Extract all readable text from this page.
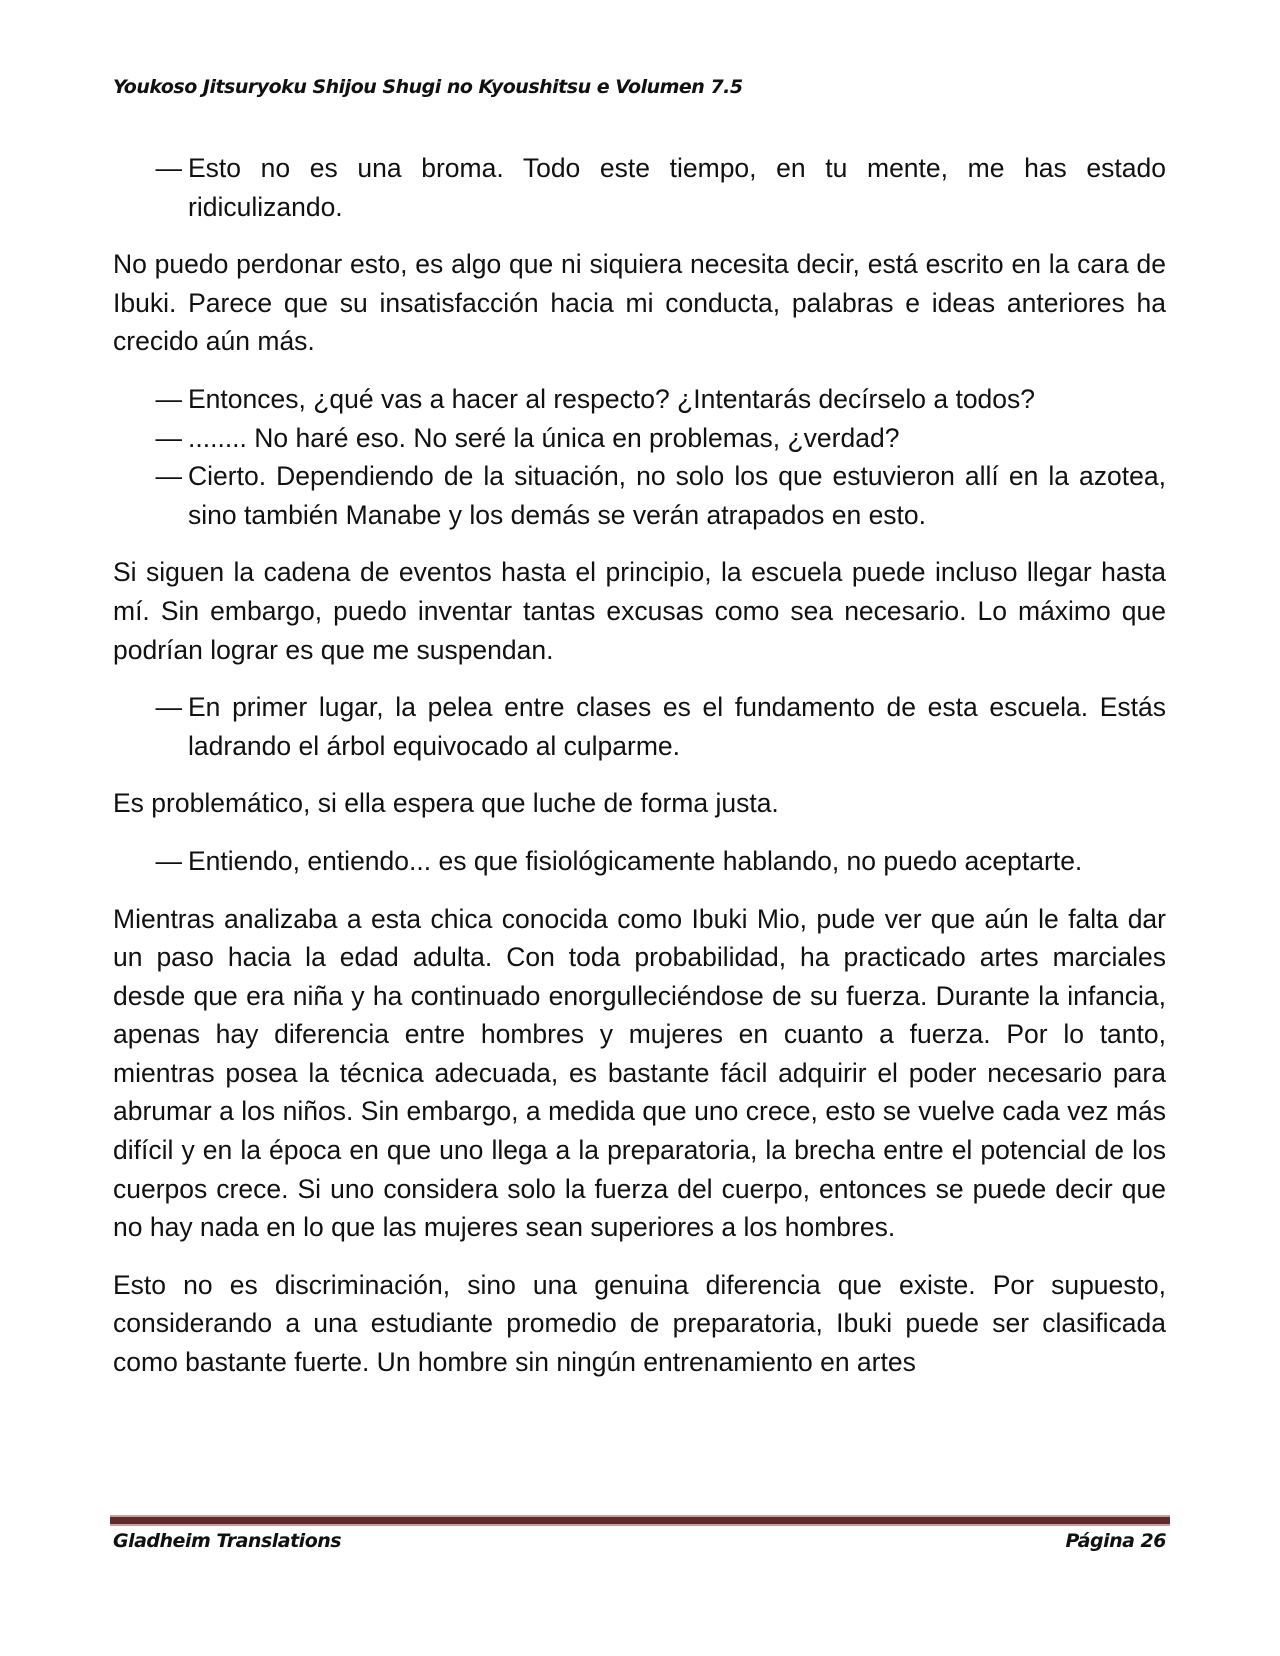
Youkoso Jitsuryoku Shijou Shugi no Kyoushitsu e Volumen 7.5
— Esto no es una broma. Todo este tiempo, en tu mente, me has estado ridiculizando.

No puedo perdonar esto, es algo que ni siquiera necesita decir, está escrito en la cara de Ibuki. Parece que su insatisfacción hacia mi conducta, palabras e ideas anteriores ha crecido aún más.

— Entonces, ¿qué vas a hacer al respecto? ¿Intentarás decírselo a todos?
— ........ No haré eso. No seré la única en problemas, ¿verdad?
— Cierto. Dependiendo de la situación, no solo los que estuvieron allí en la azotea, sino también Manabe y los demás se verán atrapados en esto.

Si siguen la cadena de eventos hasta el principio, la escuela puede incluso llegar hasta mí. Sin embargo, puedo inventar tantas excusas como sea necesario. Lo máximo que podrían lograr es que me suspendan.

— En primer lugar, la pelea entre clases es el fundamento de esta escuela. Estás ladrando el árbol equivocado al culparme.

Es problemático, si ella espera que luche de forma justa.

— Entiendo, entiendo... es que fisiológicamente hablando, no puedo aceptarte.

Mientras analizaba a esta chica conocida como Ibuki Mio, pude ver que aún le falta dar un paso hacia la edad adulta. Con toda probabilidad, ha practicado artes marciales desde que era niña y ha continuado enorgulleciéndose de su fuerza. Durante la infancia, apenas hay diferencia entre hombres y mujeres en cuanto a fuerza. Por lo tanto, mientras posea la técnica adecuada, es bastante fácil adquirir el poder necesario para abrumar a los niños. Sin embargo, a medida que uno crece, esto se vuelve cada vez más difícil y en la época en que uno llega a la preparatoria, la brecha entre el potencial de los cuerpos crece. Si uno considera solo la fuerza del cuerpo, entonces se puede decir que no hay nada en lo que las mujeres sean superiores a los hombres.

Esto no es discriminación, sino una genuina diferencia que existe. Por supuesto, considerando a una estudiante promedio de preparatoria, Ibuki puede ser clasificada como bastante fuerte. Un hombre sin ningún entrenamiento en artes

Gladheim Translations	Página 26
